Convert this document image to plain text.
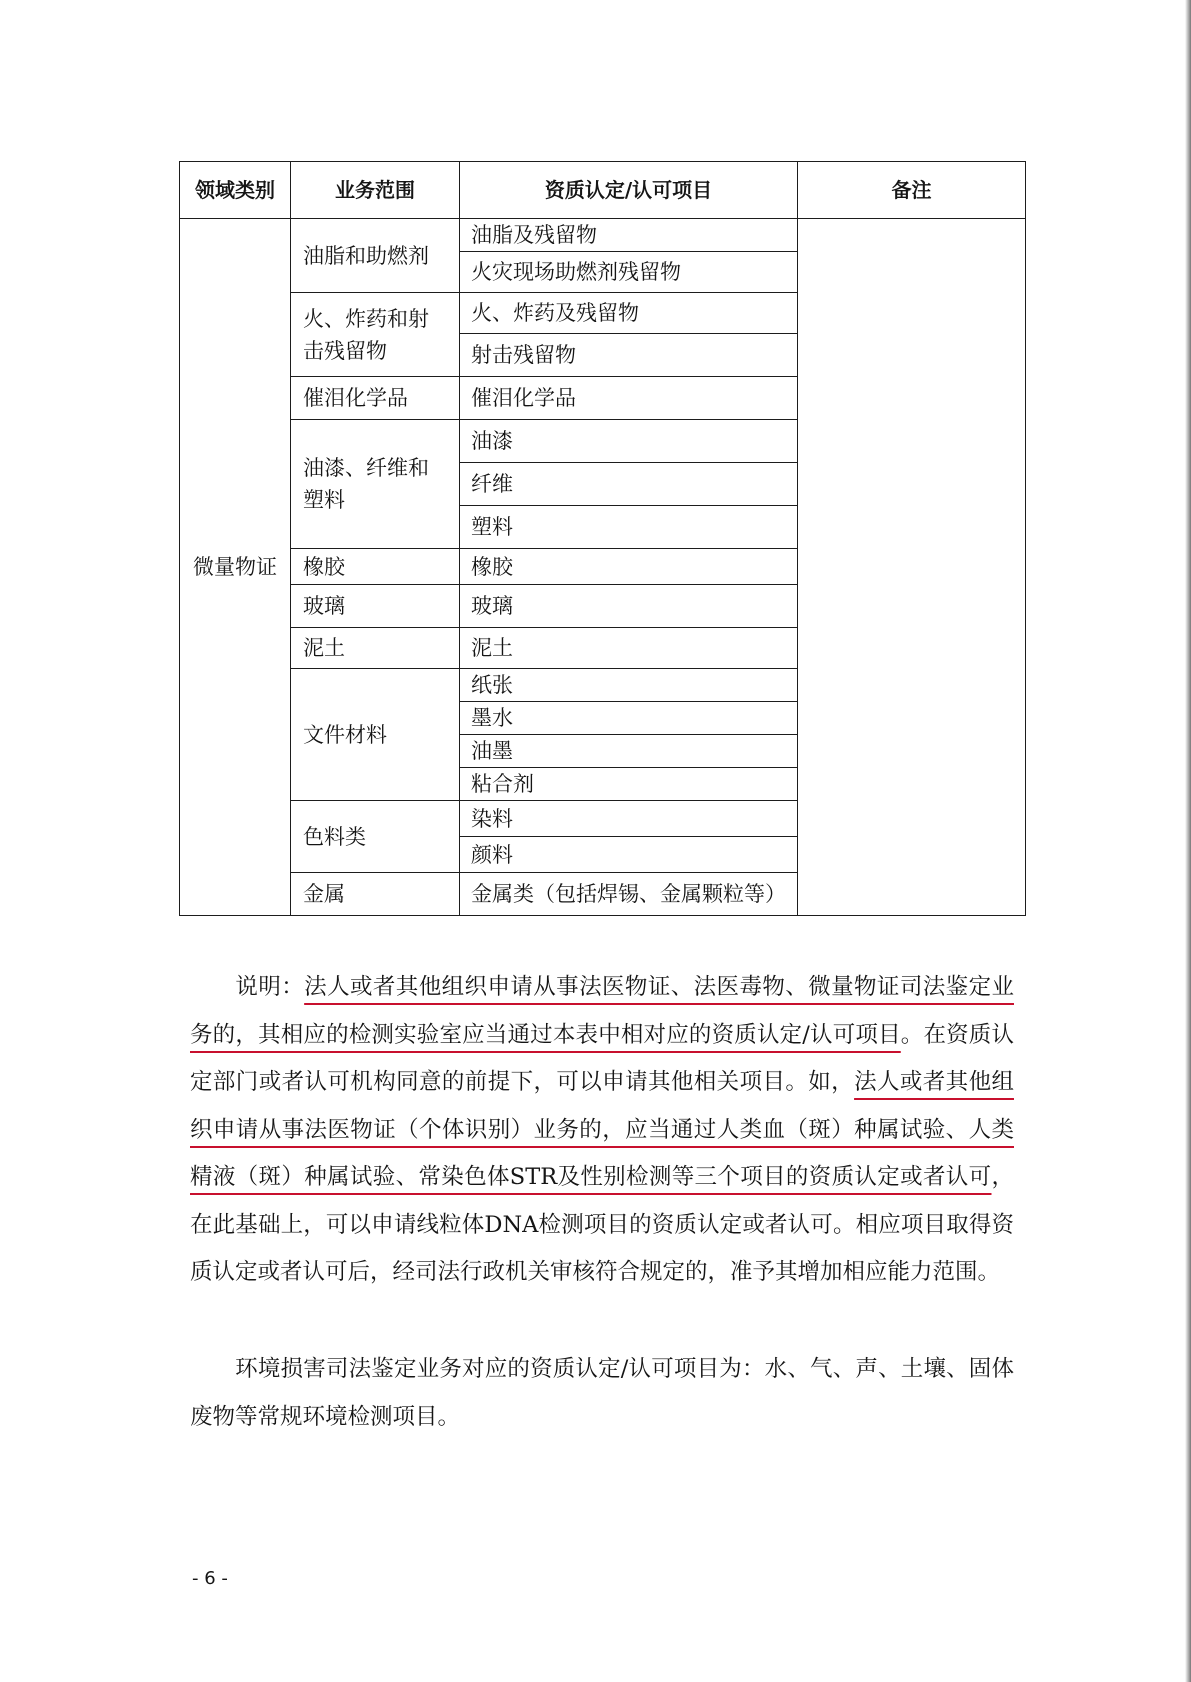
领域类别	业务范围	资质认定/认可项目	备注
微量物证	油脂和助燃剂	油脂及残留物	
		火灾现场助燃剂残留物	
	火、炸药和射击残留物	火、炸药及残留物	
		射击残留物	
	催泪化学品	催泪化学品	
	油漆、纤维和塑料	油漆	
		纤维	
		塑料	
	橡胶	橡胶	
	玻璃	玻璃	
	泥土	泥土	
	文件材料	纸张	
		墨水	
		油墨	
		粘合剂	
	色料类	染料	
		颜料	
	金属	金属类（包括焊锡、金属颗粒等）	

说明：法人或者其他组织申请从事法医物证、法医毒物、微量物证司法鉴定业务的，其相应的检测实验室应当通过本表中相对应的资质认定/认可项目。在资质认定部门或者认可机构同意的前提下，可以申请其他相关项目。如，法人或者其他组织申请从事法医物证（个体识别）业务的，应当通过人类血（斑）种属试验、人类精液（斑）种属试验、常染色体STR及性别检测等三个项目的资质认定或者认可，在此基础上，可以申请线粒体DNA检测项目的资质认定或者认可。相应项目取得资质认定或者认可后，经司法行政机关审核符合规定的，准予其增加相应能力范围。

环境损害司法鉴定业务对应的资质认定/认可项目为：水、气、声、土壤、固体废物等常规环境检测项目。

- 6 -
